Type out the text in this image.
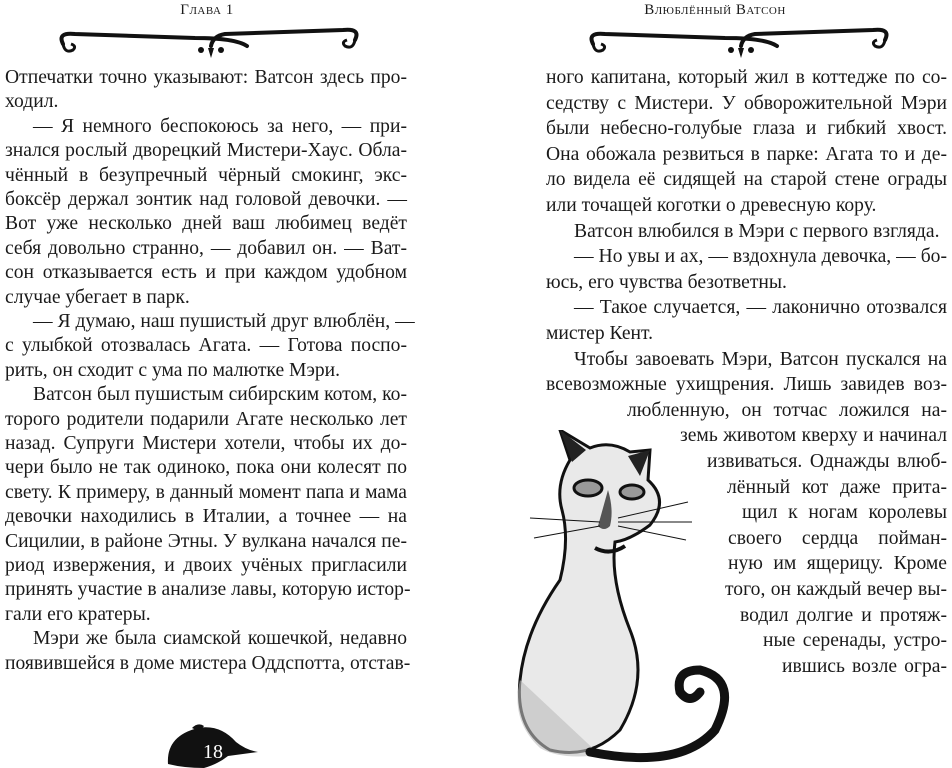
Глава 1
Отпечатки точно указывают: Ватсон здесь про-
ходил.
— Я немного беспокоюсь за него, — при-
знался рослый дворецкий Мистери-Хаус. Обла-
чённый в безупречный чёрный смокинг, экс-
боксёр держал зонтик над головой девочки. —
Вот уже несколько дней ваш любимец ведёт
себя довольно странно, — добавил он. — Ват-
сон отказывается есть и при каждом удобном
случае убегает в парк.
— Я думаю, наш пушистый друг влюблён, —
с улыбкой отозвалась Агата. — Готова поспо-
рить, он сходит с ума по малютке Мэри.
Ватсон был пушистым сибирским котом, ко-
торого родители подарили Агате несколько лет
назад. Супруги Мистери хотели, чтобы их до-
чери было не так одиноко, пока они колесят по
свету. К примеру, в данный момент папа и мама
девочки находились в Италии, а точнее — на
Сицилии, в районе Этны. У вулкана начался пе-
риод извержения, и двоих учёных пригласили
принять участие в анализе лавы, которую истор-
гали его кратеры.
Мэри же была сиамской кошечкой, недавно
появившейся в доме мистера Оддспотта, отстав-
18
Влюблённый Ватсон
ного капитана, который жил в коттедже по со-
седству с Мистери. У обворожительной Мэри
были небесно-голубые глаза и гибкий хвост.
Она обожала резвиться в парке: Агата то и де-
ло видела её сидящей на старой стене ограды
или точащей коготки о древесную кору.
Ватсон влюбился в Мэри с первого взгляда.
— Но увы и ах, — вздохнула девочка, — бо-
юсь, его чувства безответны.
— Такое случается, — лаконично отозвался
мистер Кент.
Чтобы завоевать Мэри, Ватсон пускался на
всевозможные ухищрения. Лишь завидев воз-
любленную, он тотчас ложился на-
земь животом кверху и начинал
извиваться. Однажды влюб-
лённый кот даже прита-
щил к ногам королевы
своего сердца пойман-
ную им ящерицу. Кроме
того, он каждый вечер вы-
водил долгие и протяж-
ные серенады, устро-
ившись возле огра-
